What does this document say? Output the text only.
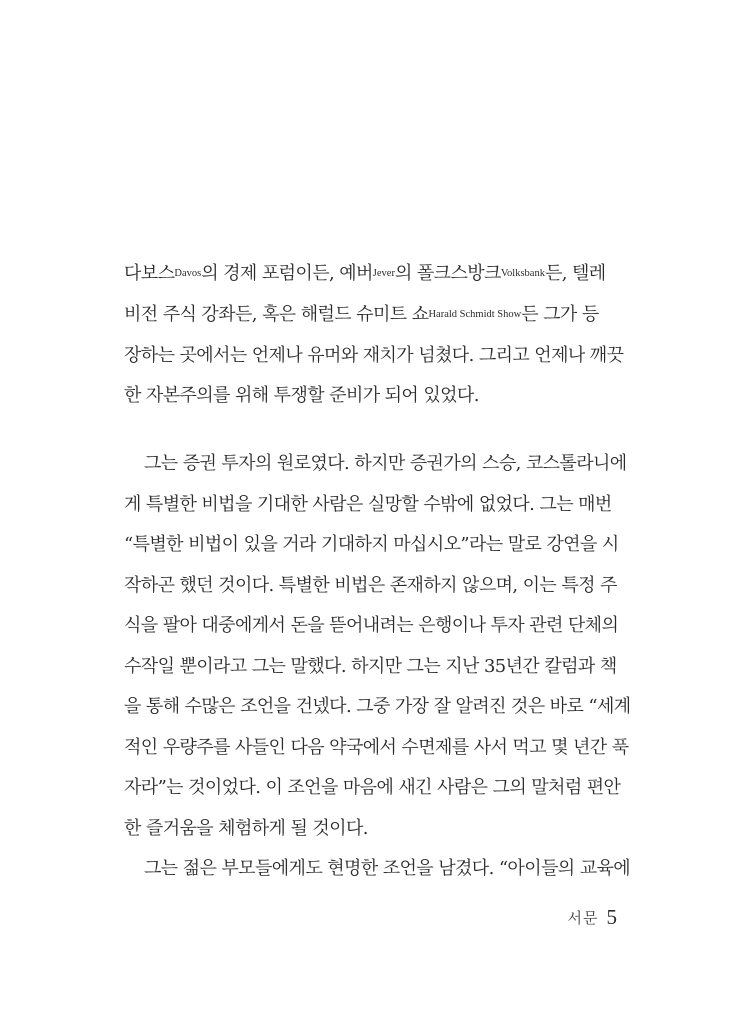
다보스Davos의 경제 포럼이든, 예버Jever의 폴크스방크Volksbank든, 텔레
비전 주식 강좌든, 혹은 해럴드 슈미트 쇼Harald Schmidt Show든 그가 등
장하는 곳에서는 언제나 유머와 재치가 넘쳤다. 그리고 언제나 깨끗
한 자본주의를 위해 투쟁할 준비가 되어 있었다.
그는 증권 투자의 원로였다. 하지만 증권가의 스승, 코스톨라니에
게 특별한 비법을 기대한 사람은 실망할 수밖에 없었다. 그는 매번
“특별한 비법이 있을 거라 기대하지 마십시오”라는 말로 강연을 시
작하곤 했던 것이다. 특별한 비법은 존재하지 않으며, 이는 특정 주
식을 팔아 대중에게서 돈을 뜯어내려는 은행이나 투자 관련 단체의
수작일 뿐이라고 그는 말했다. 하지만 그는 지난 35년간 칼럼과 책
을 통해 수많은 조언을 건넸다. 그중 가장 잘 알려진 것은 바로 “세계
적인 우량주를 사들인 다음 약국에서 수면제를 사서 먹고 몇 년간 푹
자라”는 것이었다. 이 조언을 마음에 새긴 사람은 그의 말처럼 편안
한 즐거움을 체험하게 될 것이다.
그는 젊은 부모들에게도 현명한 조언을 남겼다. “아이들의 교육에
서문 5
